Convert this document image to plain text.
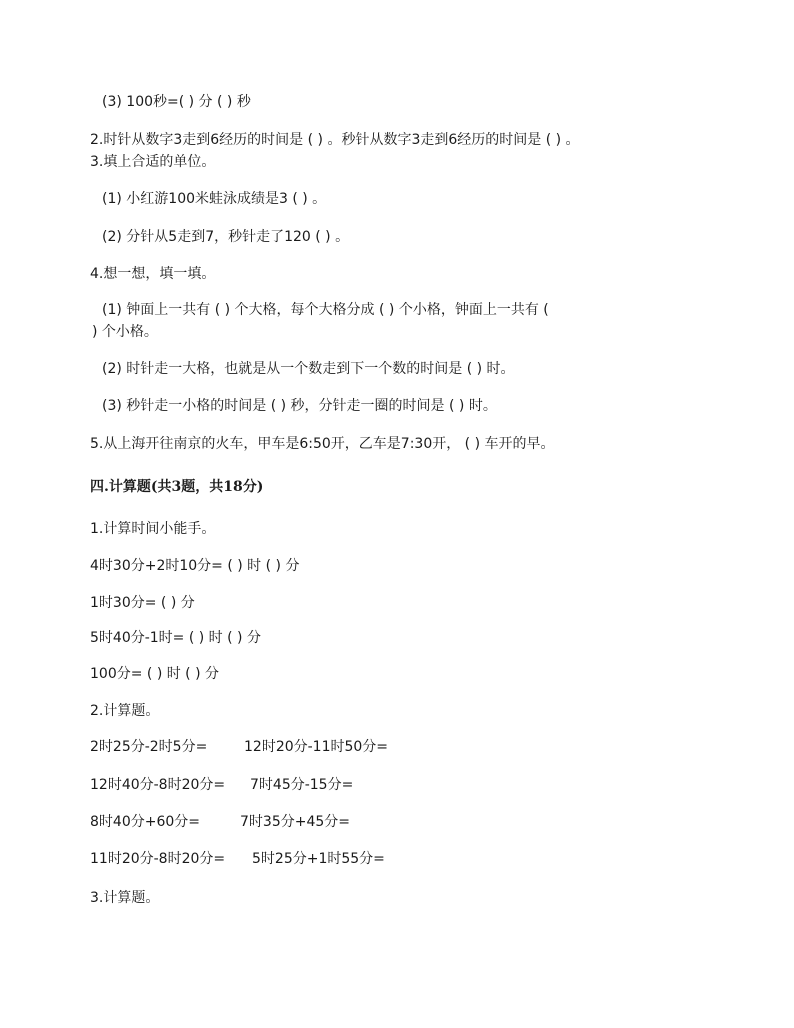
(3) 100秒=( ) 分 ( ) 秒
2.时针从数字3走到6经历的时间是 ( ) 。秒针从数字3走到6经历的时间是 ( ) 。
3.填上合适的单位。
(1) 小红游100米蛙泳成绩是3 ( ) 。
(2) 分针从5走到7，秒针走了120 ( ) 。
4.想一想，填一填。
(1) 钟面上一共有 ( ) 个大格，每个大格分成 ( ) 个小格，钟面上一共有 (
) 个小格。
(2) 时针走一大格，也就是从一个数走到下一个数的时间是 ( ) 时。
(3) 秒针走一小格的时间是 ( ) 秒，分针走一圈的时间是 ( ) 时。
5.从上海开往南京的火车，甲车是6:50开，乙车是7:30开， ( ) 车开的早。
四.计算题(共3题，共18分)
1.计算时间小能手。
4时30分+2时10分= ( ) 时 ( ) 分
1时30分= ( ) 分
5时40分-1时= ( ) 时 ( ) 分
100分= ( ) 时 ( ) 分
2.计算题。
2时25分-2时5分=	12时20分-11时50分=
12时40分-8时20分= 7时45分-15分=
8时40分+60分=	7时35分+45分=
11时20分-8时20分= 5时25分+1时55分=
3.计算题。
